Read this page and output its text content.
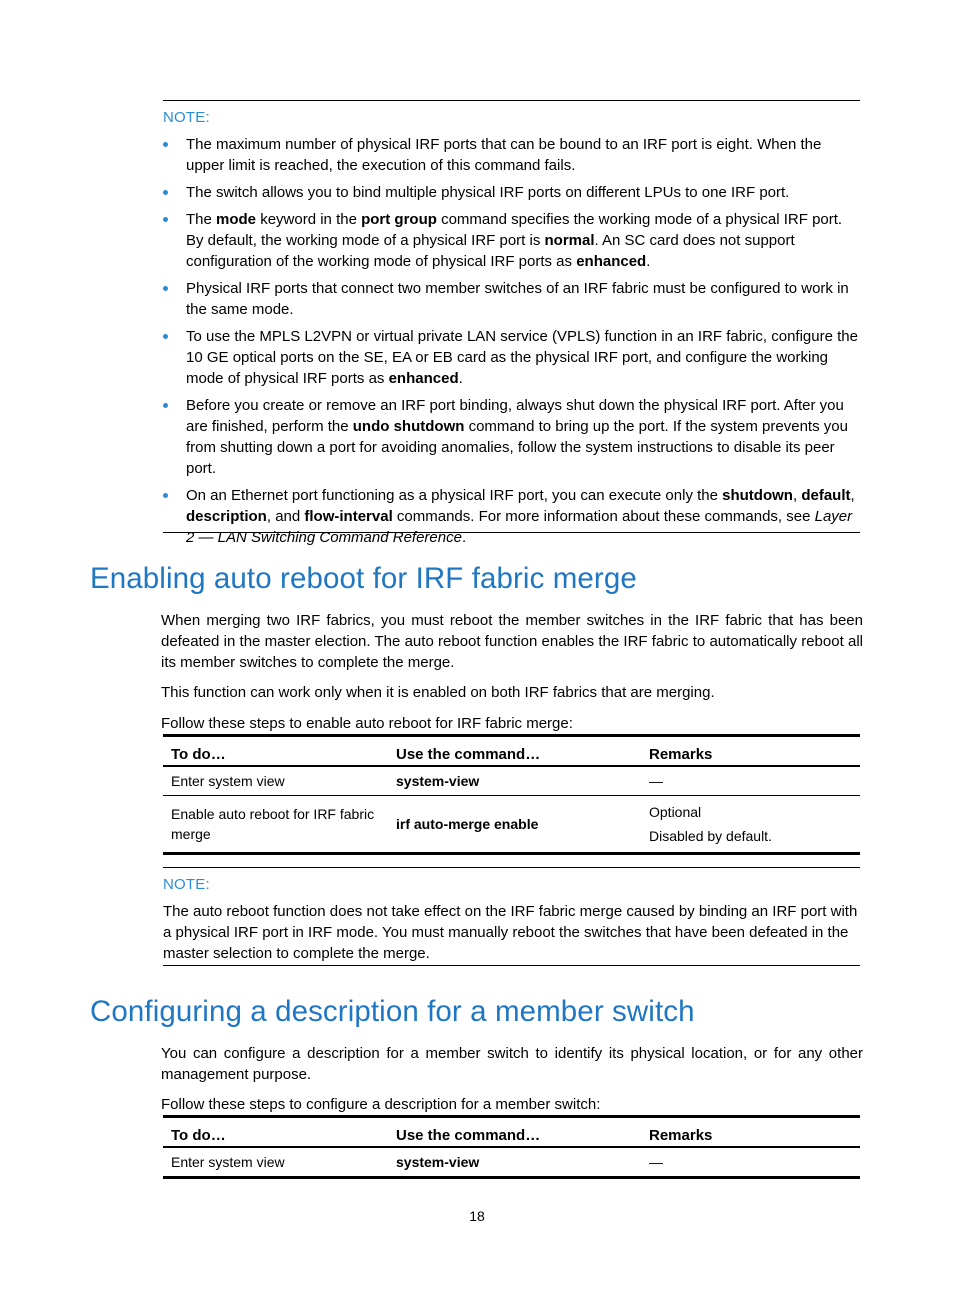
NOTE:
The maximum number of physical IRF ports that can be bound to an IRF port is eight. When the upper limit is reached, the execution of this command fails.
The switch allows you to bind multiple physical IRF ports on different LPUs to one IRF port.
The mode keyword in the port group command specifies the working mode of a physical IRF port. By default, the working mode of a physical IRF port is normal. An SC card does not support configuration of the working mode of physical IRF ports as enhanced.
Physical IRF ports that connect two member switches of an IRF fabric must be configured to work in the same mode.
To use the MPLS L2VPN or virtual private LAN service (VPLS) function in an IRF fabric, configure the 10 GE optical ports on the SE, EA or EB card as the physical IRF port, and configure the working mode of physical IRF ports as enhanced.
Before you create or remove an IRF port binding, always shut down the physical IRF port. After you are finished, perform the undo shutdown command to bring up the port. If the system prevents you from shutting down a port for avoiding anomalies, follow the system instructions to disable its peer port.
On an Ethernet port functioning as a physical IRF port, you can execute only the shutdown, default, description, and flow-interval commands. For more information about these commands, see Layer 2 — LAN Switching Command Reference.
Enabling auto reboot for IRF fabric merge
When merging two IRF fabrics, you must reboot the member switches in the IRF fabric that has been defeated in the master election. The auto reboot function enables the IRF fabric to automatically reboot all its member switches to complete the merge.
This function can work only when it is enabled on both IRF fabrics that are merging.
Follow these steps to enable auto reboot for IRF fabric merge:
To do…	Use the command…	Remarks
Enter system view	system-view	—
Enable auto reboot for IRF fabric merge	irf auto-merge enable	Optional
Disabled by default.
NOTE:

The auto reboot function does not take effect on the IRF fabric merge caused by binding an IRF port with a physical IRF port in IRF mode. You must manually reboot the switches that have been defeated in the master selection to complete the merge.

Configuring a description for a member switch
You can configure a description for a member switch to identify its physical location, or for any other management purpose.
Follow these steps to configure a description for a member switch:
To do…	Use the command…	Remarks
Enter system view	system-view	—
18
